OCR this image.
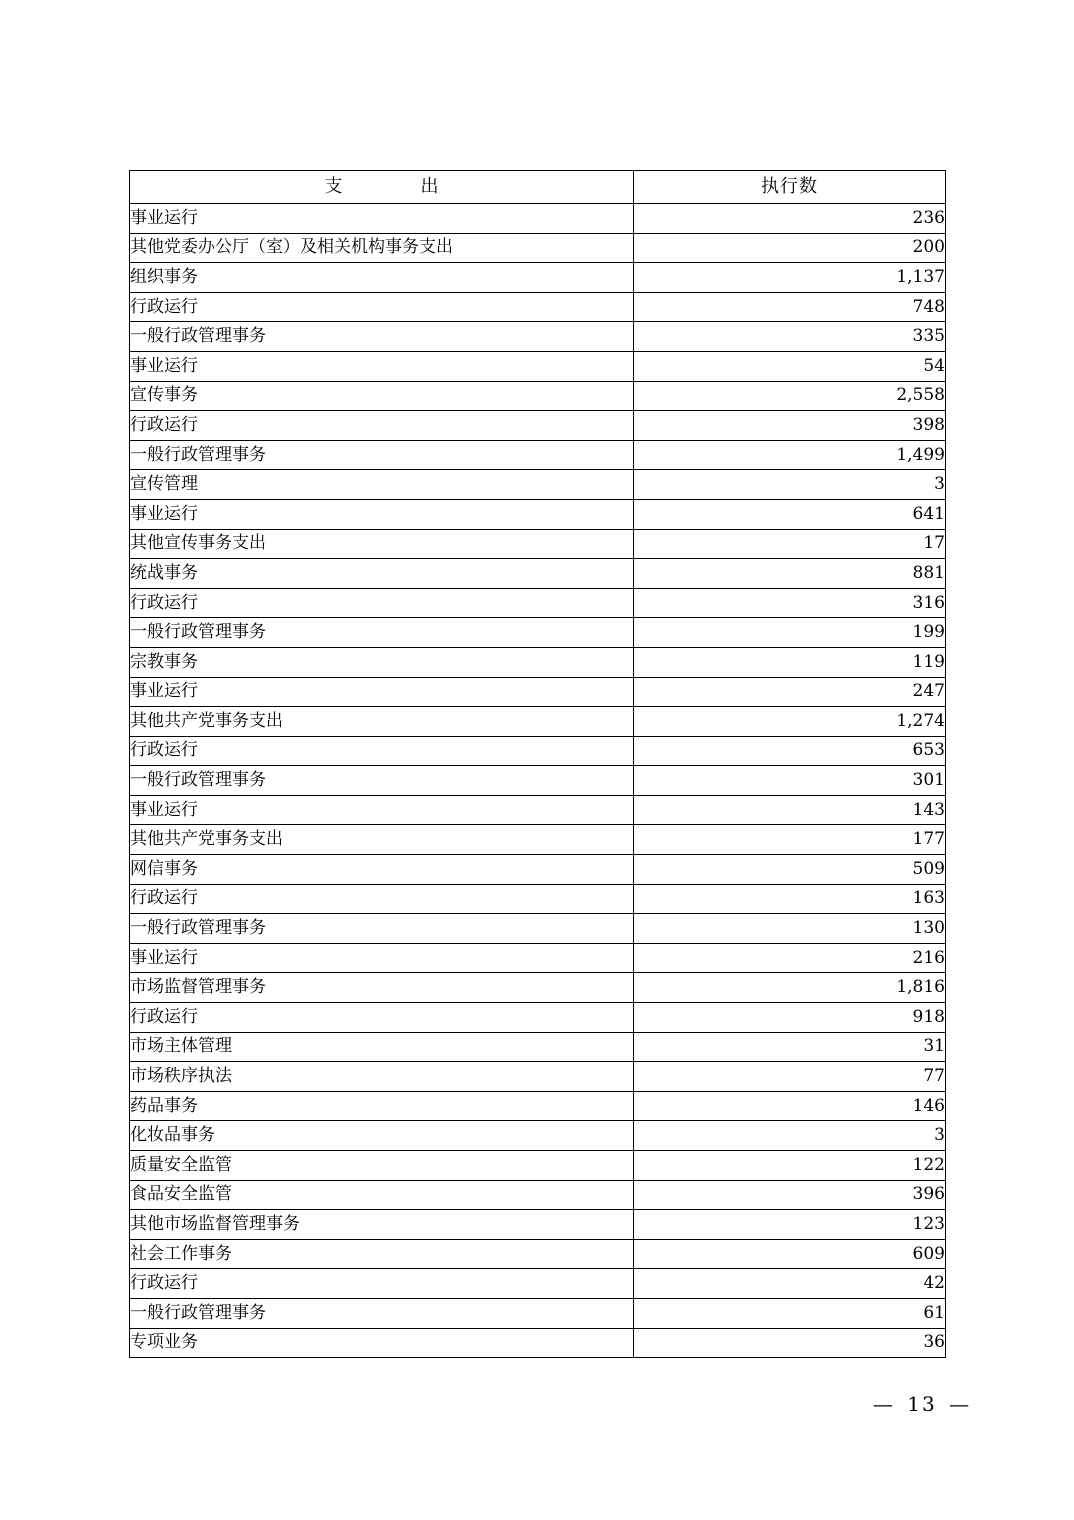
支　　出	执行数
事业运行	236
其他党委办公厅（室）及相关机构事务支出	200
组织事务	1,137
行政运行	748
一般行政管理事务	335
事业运行	54
宣传事务	2,558
行政运行	398
一般行政管理事务	1,499
宣传管理	3
事业运行	641
其他宣传事务支出	17
统战事务	881
行政运行	316
一般行政管理事务	199
宗教事务	119
事业运行	247
其他共产党事务支出	1,274
行政运行	653
一般行政管理事务	301
事业运行	143
其他共产党事务支出	177
网信事务	509
行政运行	163
一般行政管理事务	130
事业运行	216
市场监督管理事务	1,816
行政运行	918
市场主体管理	31
市场秩序执法	77
药品事务	146
化妆品事务	3
质量安全监管	122
食品安全监管	396
其他市场监督管理事务	123
社会工作事务	609
行政运行	42
一般行政管理事务	61
专项业务	36
— 13 —
